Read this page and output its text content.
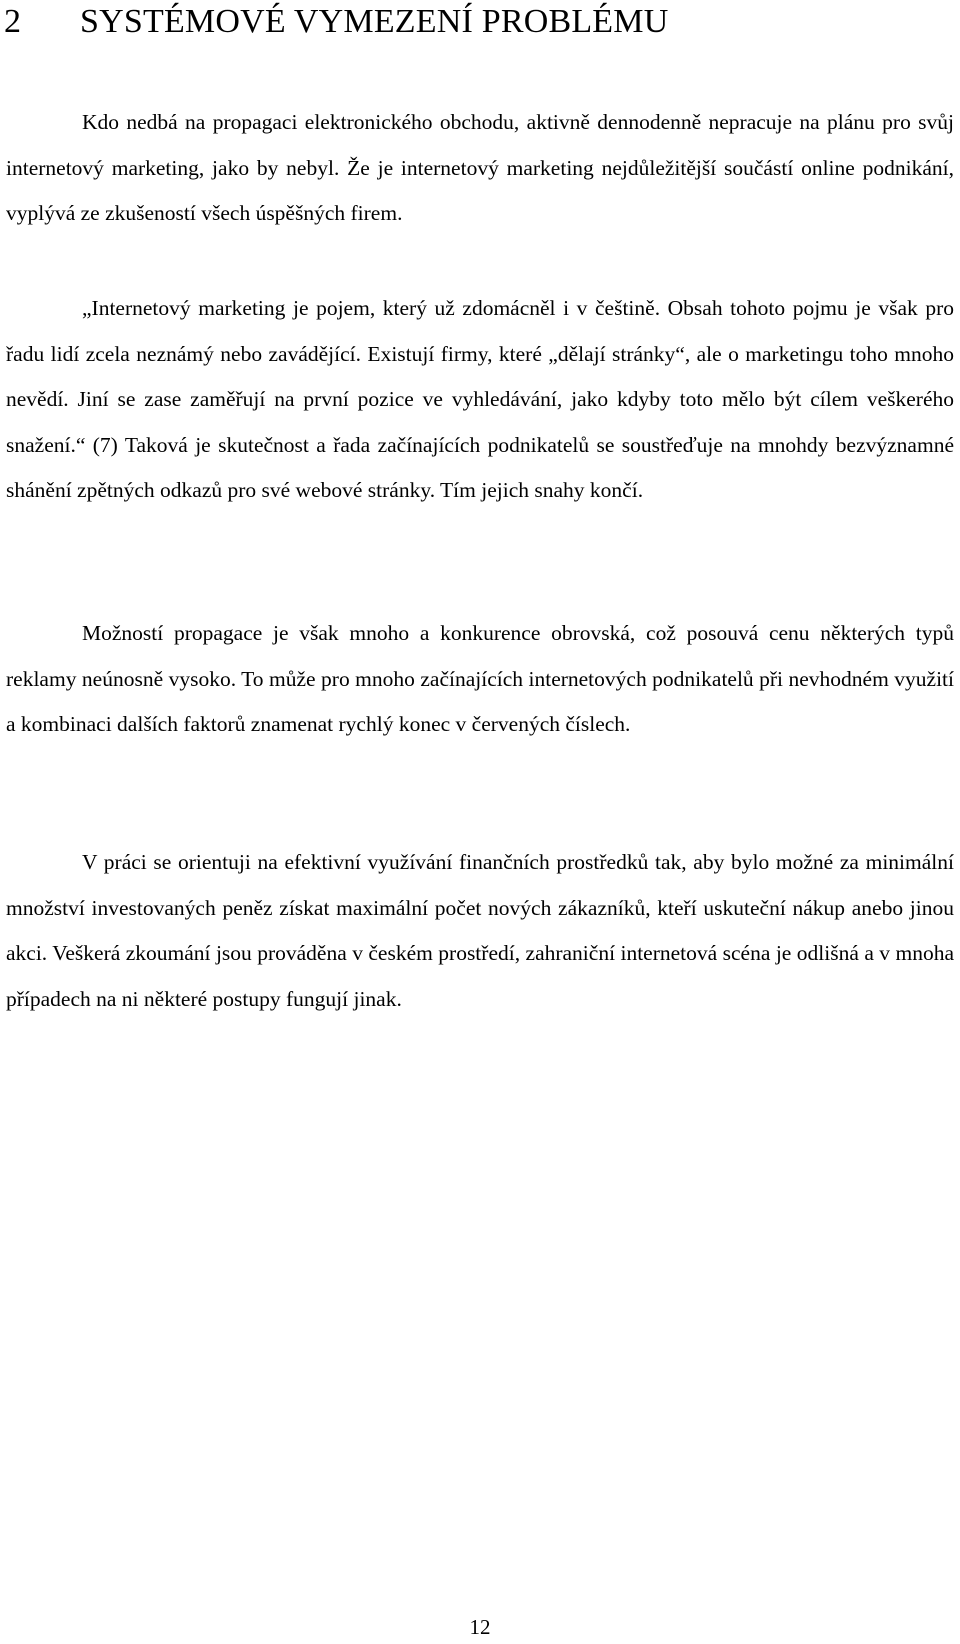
2 SYSTÉMOVÉ VYMEZENÍ PROBLÉMU

Kdo nedbá na propagaci elektronického obchodu, aktivně dennodenně nepracuje na plánu pro svůj internetový marketing, jako by nebyl. Že je internetový marketing nejdůležitější součástí online podnikání, vyplývá ze zkušeností všech úspěšných firem.

„Internetový marketing je pojem, který už zdomácněl i v češtině. Obsah tohoto pojmu je však pro řadu lidí zcela neznámý nebo zavádějící. Existují firmy, které „dělají stránky“, ale o marketingu toho mnoho nevědí. Jiní se zase zaměřují na první pozice ve vyhledávání, jako kdyby toto mělo být cílem veškerého snažení.“ (7) Taková je skutečnost a řada začínajících podnikatelů se soustřeďuje na mnohdy bezvýznamné shánění zpětných odkazů pro své webové stránky. Tím jejich snahy končí.

Možností propagace je však mnoho a konkurence obrovská, což posouvá cenu některých typů reklamy neúnosně vysoko. To může pro mnoho začínajících internetových podnikatelů při nevhodném využití a kombinaci dalších faktorů znamenat rychlý konec v červených číslech.

V práci se orientuji na efektivní využívání finančních prostředků tak, aby bylo možné za minimální množství investovaných peněz získat maximální počet nových zákazníků, kteří uskuteční nákup anebo jinou akci. Veškerá zkoumání jsou prováděna v českém prostředí, zahraniční internetová scéna je odlišná a v mnoha případech na ni některé postupy fungují jinak.

12
